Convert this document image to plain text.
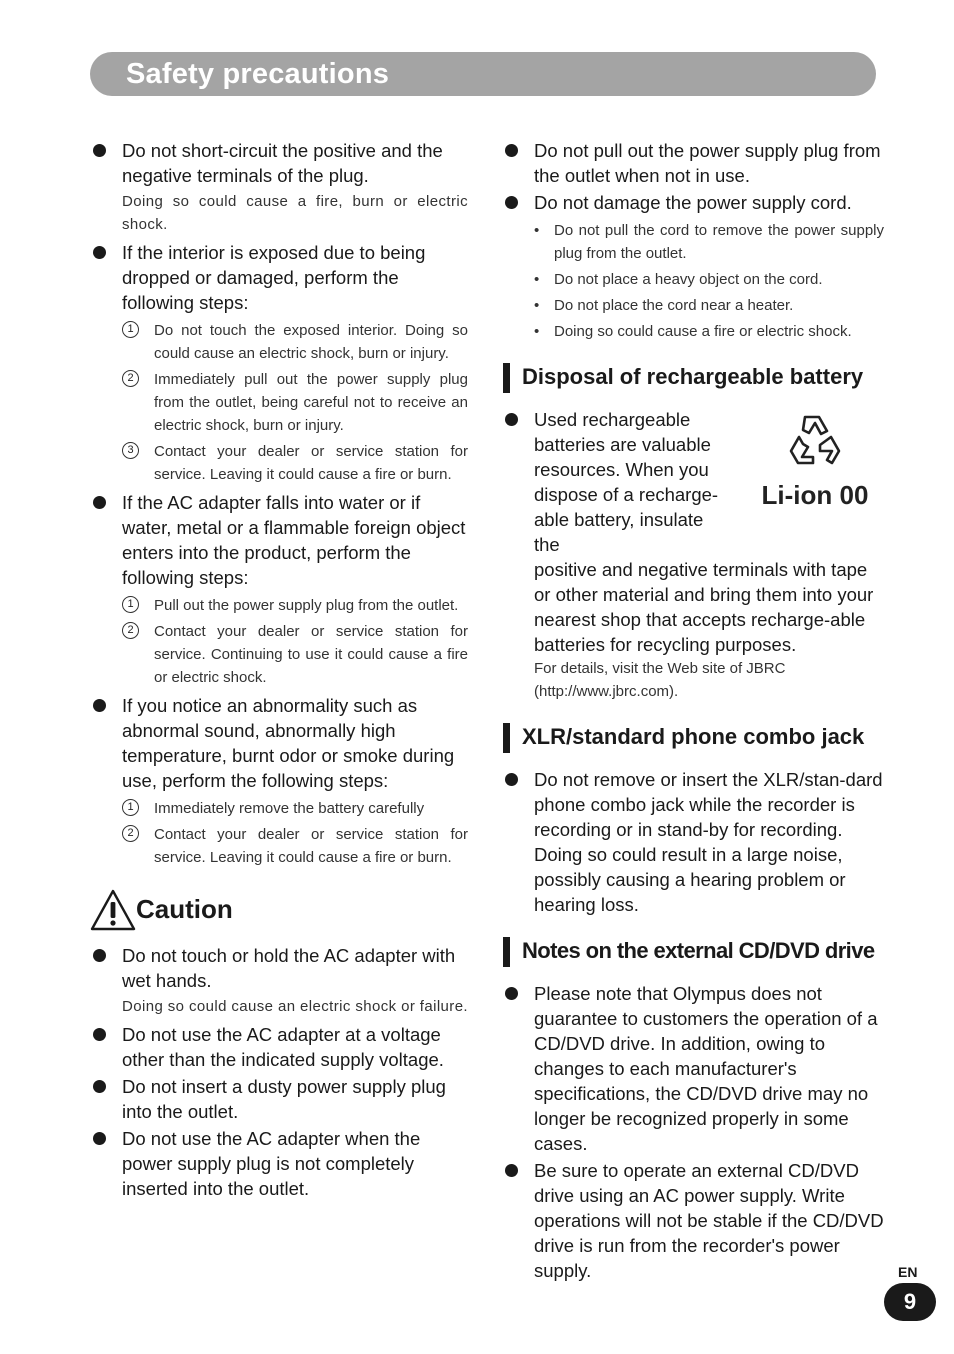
Safety precautions
Do not short-circuit the positive and the negative terminals of the plug.
Doing so could cause a fire, burn or electric shock.
If the interior is exposed due to being dropped or damaged, perform the following steps:
1	Do not touch the exposed interior. Doing so could cause an electric shock, burn or injury.
2	Immediately pull out the power supply plug from the outlet, being careful not to receive an electric shock, burn or injury.
3	Contact your dealer or service station for service. Leaving it could cause a fire or burn.
If the AC adapter falls into water or if water, metal or a flammable foreign object enters into the product, perform the following steps:
1	Pull out the power supply plug from the outlet.
2	Contact your dealer or service station for service. Continuing to use it could cause a fire or electric shock.
If you notice an abnormality such as abnormal sound, abnormally high temperature, burnt odor or smoke during use, perform the following steps:
1	Immediately remove the battery carefully
2	Contact your dealer or service station for service. Leaving it could cause a fire or burn.
Caution
Do not touch or hold the AC adapter with wet hands.
Doing so could cause an electric shock or failure.
Do not use the AC adapter at a voltage other than the indicated supply voltage.
Do not insert a dusty power supply plug into the outlet.
Do not use the AC adapter when the power supply plug is not completely inserted into the outlet.
Do not pull out the power supply plug from the outlet when not in use.
Do not damage the power supply cord.
• Do not pull the cord to remove the power supply plug from the outlet.
• Do not place a heavy object on the cord.
• Do not place the cord near a heater.
• Doing so could cause a fire or electric shock.
Disposal of rechargeable battery
Li-ion 00
Used rechargeable batteries are valuable resources. When you dispose of a recharge-able battery, insulate the
positive and negative terminals with tape or other material and bring them into your nearest shop that accepts recharge-able batteries for recycling purposes.
For details, visit the Web site of JBRC (http://www.jbrc.com).
XLR/standard phone combo jack
Do not remove or insert the XLR/stan-dard phone combo jack while the recorder is recording or in stand-by for recording. Doing so could result in a large noise, possibly causing a hearing problem or hearing loss.
Notes on the external CD/DVD drive
Please note that Olympus does not guarantee to customers the operation of a CD/DVD drive. In addition, owing to changes to each manufacturer's specifications, the CD/DVD drive may no longer be recognized properly in some cases.
Be sure to operate an external CD/DVD drive using an AC power supply. Write operations will not be stable if the CD/DVD drive is run from the recorder's power supply.	EN
9
